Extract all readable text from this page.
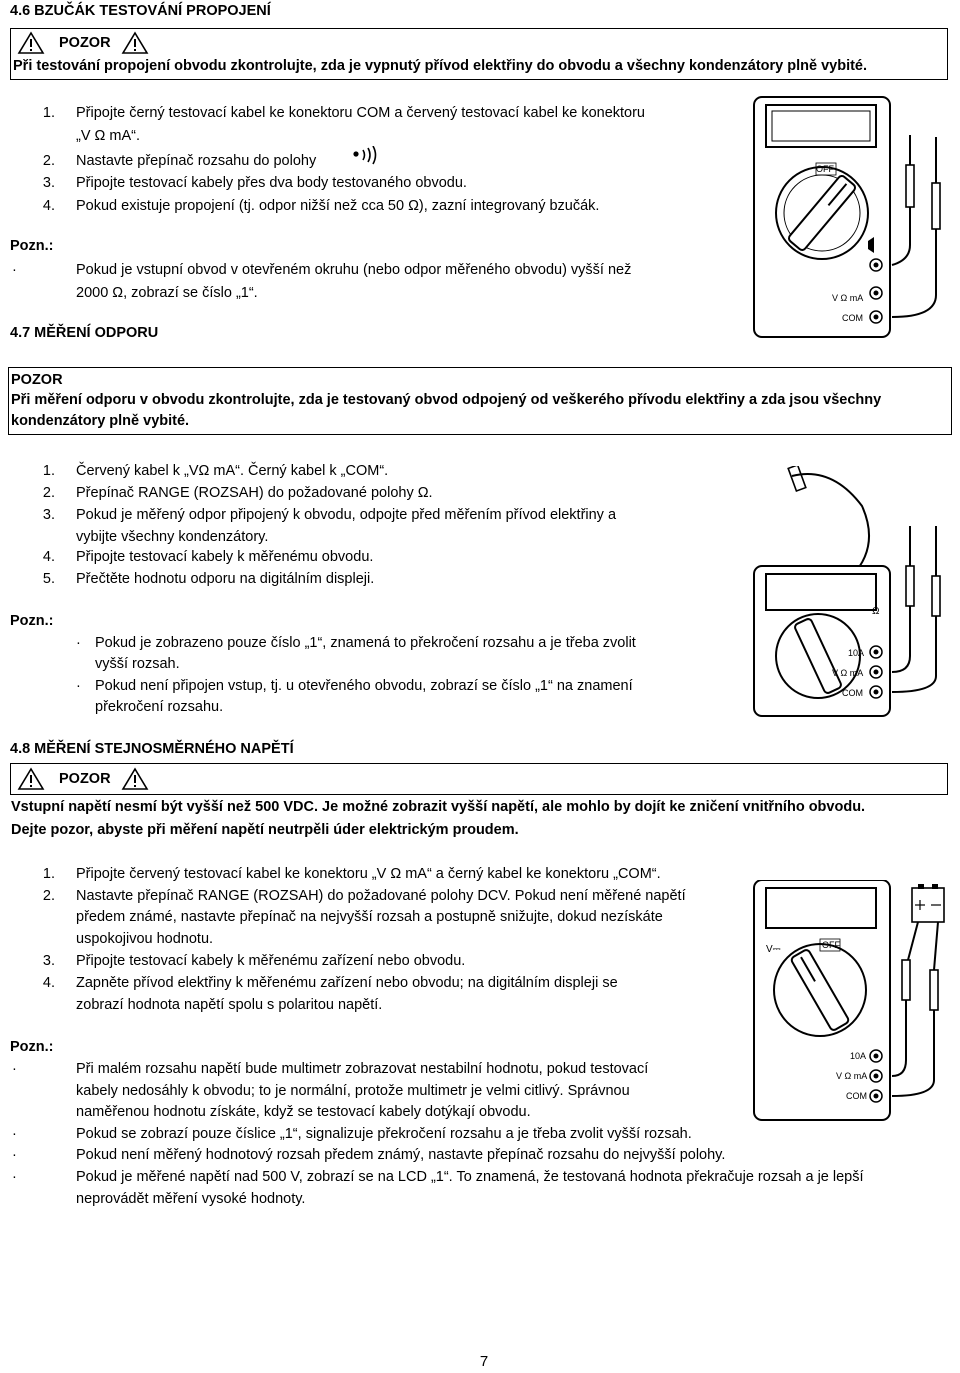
4.6 BZUČÁK TESTOVÁNÍ PROPOJENÍ
POZOR
Při testování propojení obvodu zkontrolujte, zda je vypnutý přívod elektřiny do obvodu a všechny kondenzátory plně vybité.
1. Připojte černý testovací kabel ke konektoru COM a červený testovací kabel ke konektoru
„V Ω mA“.
2. Nastavte přepínač rozsahu do polohy
3. Připojte testovací kabely přes dva body testovaného obvodu.
4. Pokud existuje propojení (tj. odpor nižší než cca 50 Ω), zazní integrovaný bzučák.
Pozn.:
·	Pokud je vstupní obvod v otevřeném okruhu (nebo odpor měřeného obvodu) vyšší než
2000 Ω, zobrazí se číslo „1“.
OFF
V Ω mA
COM
4.7 MĚŘENÍ ODPORU
POZOR
Při měření odporu v obvodu zkontrolujte, zda je testovaný obvod odpojený od veškerého přívodu elektřiny a zda jsou všechny
kondenzátory plně vybité.
1. Červený kabel k „VΩ mA“. Černý kabel k „COM“.
2. Přepínač RANGE (ROZSAH) do požadované polohy Ω.
3. Pokud je měřený odpor připojený k obvodu, odpojte před měřením přívod elektřiny a
vybijte všechny kondenzátory.
4. Připojte testovací kabely k měřenému obvodu.
5. Přečtěte hodnotu odporu na digitálním displeji.
Pozn.:
· Pokud je zobrazeno pouze číslo „1“, znamená to překročení rozsahu a je třeba zvolit
vyšší rozsah.
· Pokud není připojen vstup, tj. u otevřeného obvodu, zobrazí se číslo „1“ na znamení
překročení rozsahu.
Ω
10A
V Ω mA
COM
4.8 MĚŘENÍ STEJNOSMĚRNÉHO NAPĚTÍ
POZOR
Vstupní napětí nesmí být vyšší než 500 VDC. Je možné zobrazit vyšší napětí, ale mohlo by dojít ke zničení vnitřního obvodu.
Dejte pozor, abyste při měření napětí neutrpěli úder elektrickým proudem.
1. Připojte červený testovací kabel ke konektoru „V Ω mA“ a černý kabel ke konektoru „COM“.
2. Nastavte přepínač RANGE (ROZSAH) do požadované polohy DCV. Pokud není měřené napětí
předem známé, nastavte přepínač na nejvyšší rozsah a postupně snižujte, dokud nezískáte
uspokojivou hodnotu.
3. Připojte testovací kabely k měřenému zařízení nebo obvodu.
4. Zapněte přívod elektřiny k měřenému zařízení nebo obvodu; na digitálním displeji se
zobrazí hodnota napětí spolu s polaritou napětí.
Pozn.:
·	Při malém rozsahu napětí bude multimetr zobrazovat nestabilní hodnotu, pokud testovací
kabely nedosáhly k obvodu; to je normální, protože multimetr je velmi citlivý. Správnou
naměřenou hodnotu získáte, když se testovací kabely dotýkají obvodu.
·	Pokud se zobrazí pouze číslice „1“, signalizuje překročení rozsahu a je třeba zvolit vyšší rozsah.
·	Pokud není měřený hodnotový rozsah předem známý, nastavte přepínač rozsahu do nejvyšší polohy.
·	Pokud je měřené napětí nad 500 V, zobrazí se na LCD „1“. To znamená, že testovaná hodnota překračuje rozsah a je lepší
neprovádět měření vysoké hodnoty.
V⎓	OFF
10A
V Ω mA
COM
7
